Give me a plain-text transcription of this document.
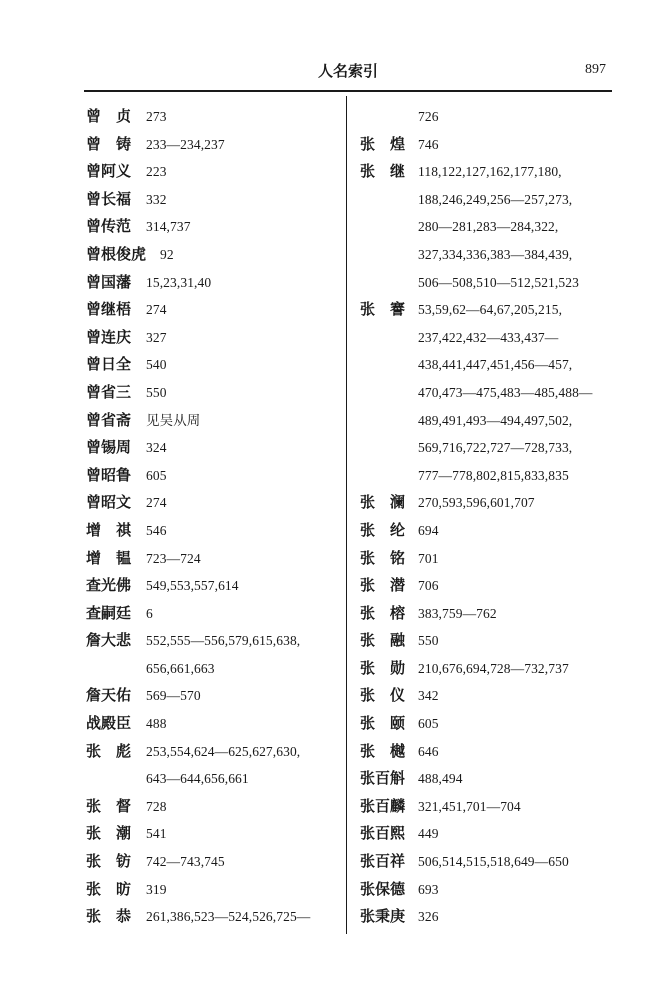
人名索引	897
曾　贞 273
曾　铸 233—234,237
曾阿义 223
曾长福 332
曾传范 314,737
曾根俊虎 92
曾国藩 15,23,31,40
曾继梧 274
曾连庆 327
曾日全 540
曾省三 550
曾省斋 见吴从周
曾锡周 324
曾昭鲁 605
曾昭文 274
增　祺 546
增　韫 723—724
查光佛 549,553,557,614
查嗣廷 6
詹大悲 552,555—556,579,615,638,
656,661,663
詹天佑 569—570
战殿臣 488
张　彪 253,554,624—625,627,630,
643—644,656,661
张　督 728
张　潮 541
张　钫 742—743,745
张　昉 319
张　恭 261,386,523—524,526,725—
726
张　煌 746
张　继 118,122,127,162,177,180,
188,246,249,256—257,273,
280—281,283—284,322,
327,334,336,383—384,439,
506—508,510—512,521,523
张　謇 53,59,62—64,67,205,215,
237,422,432—433,437—
438,441,447,451,456—457,
470,473—475,483—485,488—
489,491,493—494,497,502,
569,716,722,727—728,733,
777—778,802,815,833,835
张　澜 270,593,596,601,707
张　纶 694
张　铭 701
张　潜 706
张　榕 383,759—762
张　融 550
张　勋 210,676,694,728—732,737
张　仪 342
张　颐 605
张　樾 646
张百斛 488,494
张百麟 321,451,701—704
张百熙 449
张百祥 506,514,515,518,649—650
张保德 693
张秉庚 326
